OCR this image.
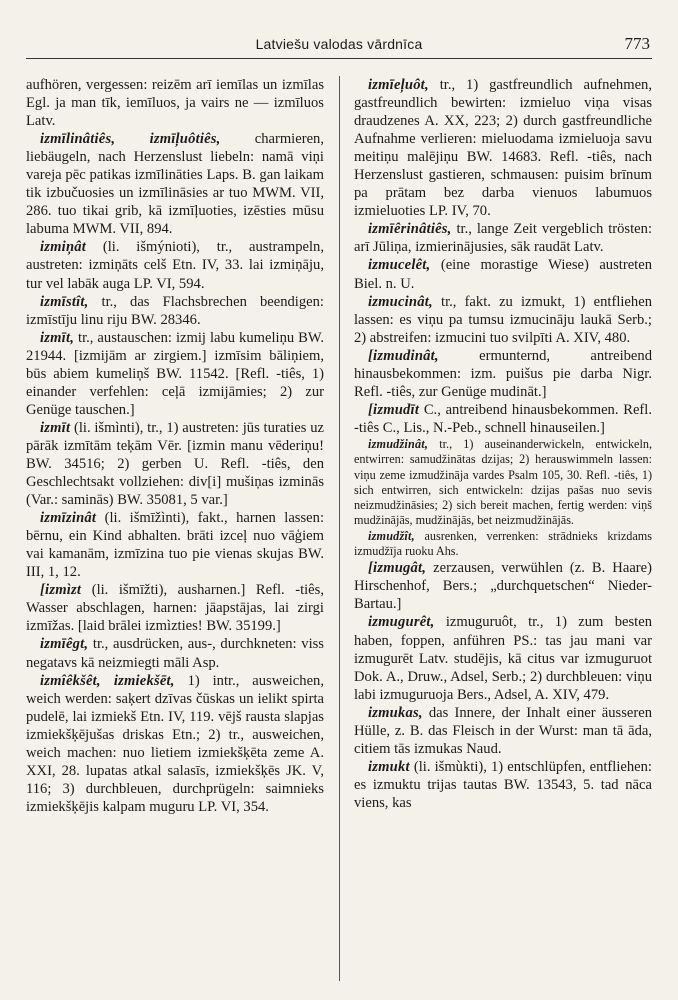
Latviešu valodas vārdnīca	773

aufhören, vergessen: reizēm arī iemīlas un izmīlas Egl. ja man tīk, iemīluos, ja vairs ne — izmīluos Latv.

izmīlinâtiês, izmīļuôtiês, charmieren, liebäugeln, nach Herzenslust liebeln: namā viņi vareja pēc patikas izmīlināties Laps. B. gan laikam tik izbučuosies un izmīlināsies ar tuo MWM. VII, 286. tuo tikai grib, kā izmīļuoties, izēsties mūsu labuma MWM. VII, 894.

izmiņât (li. išmýnioti), tr., austrampeln, austreten: izmiņāts celš Etn. IV, 33. lai izmiņāju, tur vel labāk auga LP. VI, 594.

izmīstît, tr., das Flachsbrechen beendigen: izmīstīju linu riju BW. 28346.

izmīt, tr., austauschen: izmij labu kumeliņu BW. 21944. [izmijām ar zirgiem.] izmīsim bāliņiem, būs abiem kumeliņš BW. 11542. [Refl. -tiês, 1) einander verfehlen: ceļā izmijāmies; 2) zur Genüge tauschen.]

izmīt (li. išmìnti), tr., 1) austreten: jūs turaties uz pārāk izmītām teķām Vēr. [izmin manu vēderiņu! BW. 34516; 2) gerben U. Refl. -tiês, den Geschlechtsakt vollziehen: div[i] mušiņas izminās (Var.: saminās) BW. 35081, 5 var.]

izmīzinât (li. išmīžìnti), fakt., harnen lassen: bērnu, ein Kind abhalten. brāti izceļ nuo vāģiem vai kamanām, izmīzina tuo pie vienas skujas BW. III, 1, 12.

[izmìzt (li. išmīžti), ausharnen.] Refl. -tiês, Wasser abschlagen, harnen: jāapstājas, lai zirgi izmīžas. [laid brālei izmìzties! BW. 35199.]

izmīêgt, tr., ausdrücken, aus-, durchkneten: viss negatavs kā neizmiegti māli Asp.

izmîêkšêt, izmiekšēt, 1) intr., ausweichen, weich werden: saķert dzīvas čūskas un ielikt spirta pudelē, lai izmiekš Etn. IV, 119. vējš rausta slapjas izmiekšķējušas driskas Etn.; 2) tr., ausweichen, weich machen: nuo lietiem izmiekšķēta zeme A. XXI, 28. lupatas atkal salasīs, izmiekšķēs JK. V, 116; 3) durchbleuen, durchprügeln: saimnieks izmiekšķējis kalpam muguru LP. VI, 354.

izmīeļuôt, tr., 1) gastfreundlich aufnehmen, gastfreundlich bewirten: izmieluo viņa visas draudzenes A. XX, 223; 2) durch gastfreundliche Aufnahme verlieren: mieluodama izmieluoja savu meitiņu malējiņu BW. 14683. Refl. -tiês, nach Herzenslust gastieren, schmausen: puisim brīnum pa prātam bez darba vienuos labumuos izmieluoties LP. IV, 70.

izmīêrinâtiês, tr., lange Zeit vergeblich trösten: arī Jūliņa, izmierinājusies, sāk raudāt Latv.

izmucelêt, (eine morastige Wiese) austreten Biel. n. U.

izmucinât, tr., fakt. zu izmukt, 1) entfliehen lassen: es viņu pa tumsu izmucināju laukā Serb.; 2) abstreifen: izmucini tuo svilpīti A. XIV, 480.

[izmudinât,	ermunternd, antreibend hinausbekommen: izm. puišus pie darba Nigr. Refl. -tiês, zur Genüge mudināt.]

[izmudīt C., antreibend hinausbekommen. Refl. -tiês C., Lis., N.-Peb., schnell hinauseilen.]

izmudžinât, tr., 1) auseinanderwickeln, entwickeln, entwirren: samudžinātas dzijas; 2) herauswimmeln lassen: viņu zeme izmudžināja vardes Psalm 105, 30. Refl. -tiês, 1) sich entwirren, sich entwickeln: dzijas pašas nuo sevis neizmudžināsies; 2) sich bereit machen, fertig werden: viņš mudžinājās, mudžinājās, bet neizmudžinājās.

izmudžît, ausrenken, verrenken: strādnieks krizdams izmudžīja ruoku Ahs.

[izmugât, zerzausen, verwühlen (z. B. Haare) Hirschenhof, Bers.; „durchquetschen“ Nieder-Bartau.]

izmugurêt, izmuguruôt, tr., 1) zum besten haben, foppen, anführen PS.: tas jau mani var izmugurēt Latv. studējis, kā citus var izmuguruot Dok. A., Druw., Adsel, Serb.; 2) durchbleuen: viņu labi izmuguruoja Bers., Adsel, A. XIV, 479.

izmukas, das Innere, der Inhalt einer äusseren Hülle, z. B. das Fleisch in der Wurst: man tā āda, citiem tās izmukas Naud.

izmukt (li. išmùkti), 1) entschlüpfen, entfliehen: es izmuktu trijas tautas BW. 13543, 5. tad nāca viens, kas
